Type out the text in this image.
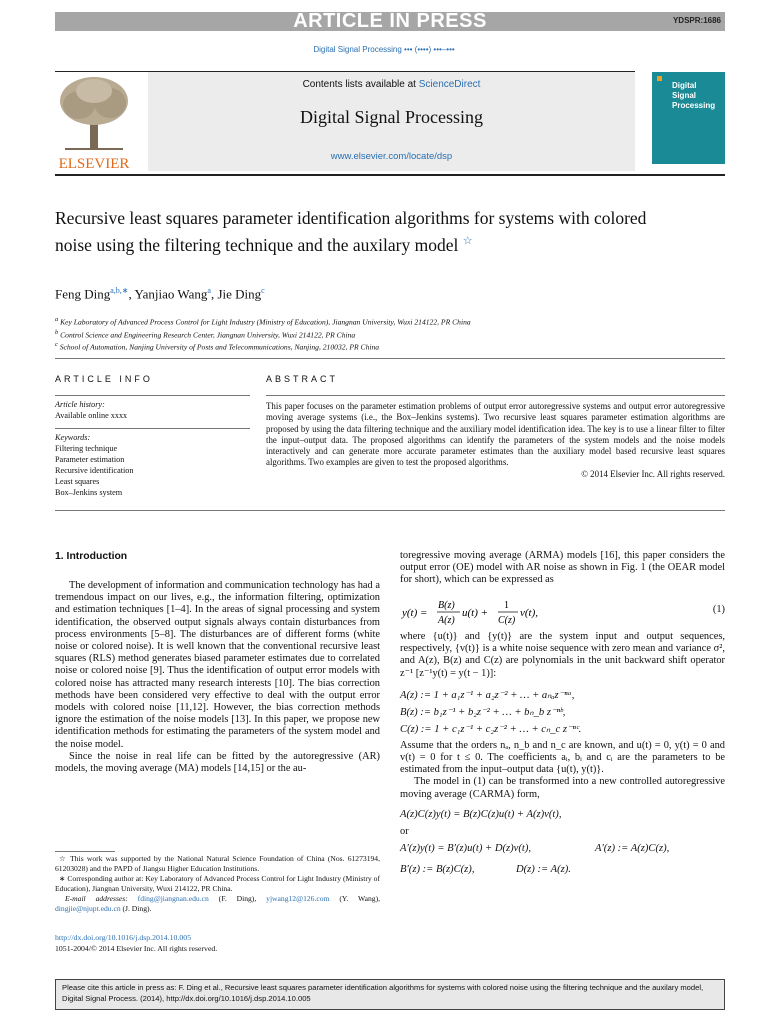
ARTICLE IN PRESS	YDSPR:1686
Digital Signal Processing ••• (••••) •••–•••
ELSEVIER
Contents lists available at ScienceDirect
Digital Signal Processing
www.elsevier.com/locate/dsp
Digital
Signal
Processing
Recursive least squares parameter identification algorithms for systems with colored noise using the filtering technique and the auxilary model ☆
Feng Ding$^{a,b,∗}$, Yanjiao Wang$^a$, Jie Ding$^c$
$^a$ Key Laboratory of Advanced Process Control for Light Industry (Ministry of Education), Jiangnan University, Wuxi 214122, PR China
$^b$ Control Science and Engineering Research Center, Jiangnan University, Wuxi 214122, PR China
$^c$ School of Automation, Nanjing University of Posts and Telecommunications, Nanjing, 210032, PR China
ARTICLE INFO
Article history:
Available online xxxx
Keywords:
Filtering technique
Parameter estimation
Recursive identification
Least squares
Box–Jenkins system
ABSTRACT

This paper focuses on the parameter estimation problems of output error autoregressive systems and output error autoregressive moving average systems (i.e., the Box–Jenkins systems). Two recursive least squares parameter estimation algorithms are proposed by using the data filtering technique and the auxiliary model identification idea. The key is to use a linear filter to filter the input–output data. The proposed algorithms can identify the parameters of the system models and the noise models interactively and can generate more accurate parameter estimates than the auxiliary model based recursive least squares algorithms. Two examples are given to test the proposed algorithms.

© 2014 Elsevier Inc. All rights reserved.
1. Introduction

The development of information and communication technology has had a tremendous impact on our lives, e.g., the information filtering, optimization and estimation techniques [1–4]. In the areas of signal processing and system identification, the observed output signals always contain disturbances from process environments [5–8]. The disturbances are of different forms (white noise or colored noise). It is well known that the conventional recursive least squares (RLS) method generates biased parameter estimates due to correlated noise or colored noise [9]. Thus the identification of output error models with colored noise has attracted many research interests [10]. The bias correction methods have been considered very effective to deal with the output error models with colored noise [11,12]. However, the bias correction methods ignore the estimation of the noise models [13]. In this paper, we propose new identification methods for estimating the parameters of the system model and the noise model.

Since the noise in real life can be fitted by the autoregressive (AR) models, the moving average (MA) models [14,15] or the au-

☆ This work was supported by the National Natural Science Foundation of China (Nos. 61273194, 61203028) and the PAPD of Jiangsu Higher Education Institutions.
∗ Corresponding author at: Key Laboratory of Advanced Process Control for Light Industry (Ministry of Education), Jiangnan University, Wuxi 214122, PR China.
E-mail addresses: fding@jiangnan.edu.cn (F. Ding), yjwang12@126.com (Y. Wang), dingjie@njupt.edu.cn (J. Ding).
http://dx.doi.org/10.1016/j.dsp.2014.10.005
1051-2004/© 2014 Elsevier Inc. All rights reserved.

toregressive moving average (ARMA) models [16], this paper considers the output error (OE) model with AR noise as shown in Fig. 1 (the OEAR model for short), which can be expressed as

y(t) =
B(z)
A(z)
u(t) +
1
C(z)
v(t),	(1)

where {u(t)} and {y(t)} are the system input and output sequences, respectively, {v(t)} is a white noise sequence with zero mean and variance σ², and A(z), B(z) and C(z) are polynomials in the unit backward shift operator z⁻¹ [z⁻¹y(t) = y(t − 1)]:

A(z) := 1 + a₁z⁻¹ + a₂z⁻² + … + aₙₐz⁻ⁿᵃ,
B(z) := b₁z⁻¹ + b₂z⁻² + … + bₙ_b z⁻ⁿᵇ,
C(z) := 1 + c₁z⁻¹ + c₂z⁻² + … + cₙ_c z⁻ⁿᶜ.

Assume that the orders nₐ, n_b and n_c are known, and u(t) = 0, y(t) = 0 and v(t) = 0 for t ≤ 0. The coefficients aᵢ, bᵢ and cᵢ are the parameters to be estimated from the input–output data {u(t), y(t)}.

The model in (1) can be transformed into a new controlled autoregressive moving average (CARMA) form,

A(z)C(z)y(t) = B(z)C(z)u(t) + A(z)v(t),
or
A′(z)y(t) = B′(z)u(t) + D(z)v(t),	A′(z) := A(z)C(z),
B′(z) := B(z)C(z),	D(z) := A(z).
Please cite this article in press as: F. Ding et al., Recursive least squares parameter identification algorithms for systems with colored noise using the filtering technique and the auxilary model, Digital Signal Process. (2014), http://dx.doi.org/10.1016/j.dsp.2014.10.005
